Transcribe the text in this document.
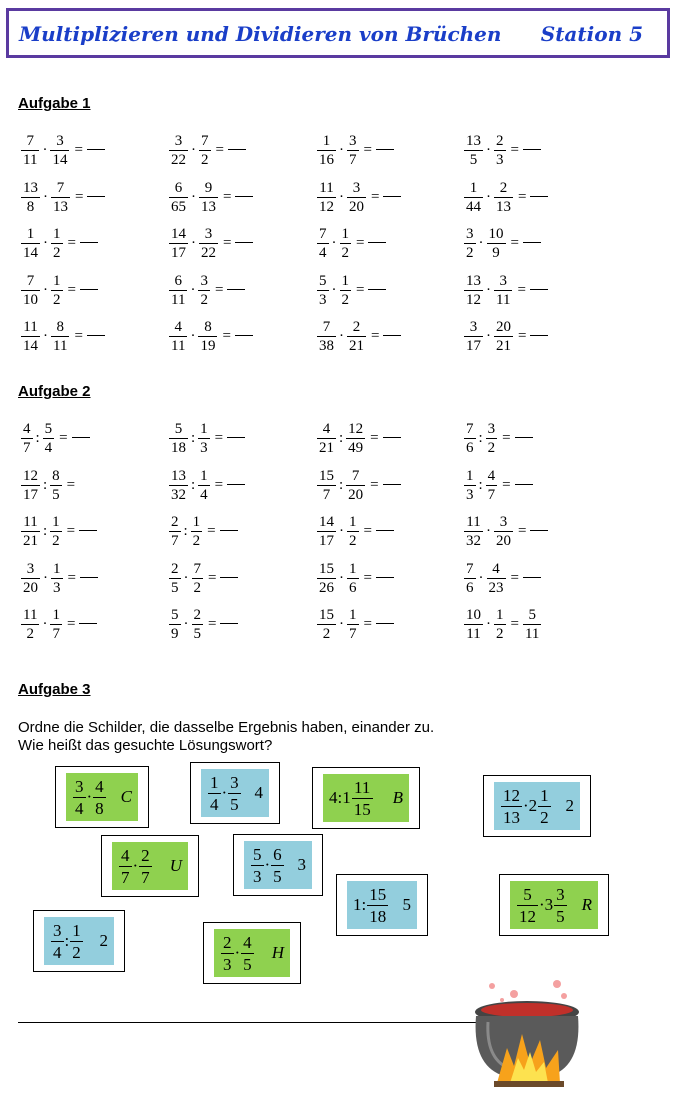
Multiplizieren und Dividieren von Brüchen Station 5
Aufgabe 1
$\frac{7}{11} \cdot \frac{3}{14}$ =	$\frac{3}{22} \cdot \frac{7}{2}$ =	$\frac{1}{16} \cdot \frac{3}{7}$ =	$\frac{13}{5} \cdot \frac{2}{3}$ =
$\frac{13}{8} \cdot \frac{7}{13}$ =	$\frac{6}{65} \cdot \frac{9}{13}$ =	$\frac{11}{12} \cdot \frac{3}{20}$ =	$\frac{1}{44} \cdot \frac{2}{13}$ =
$\frac{1}{14} \cdot \frac{1}{2}$ =	$\frac{14}{17} \cdot \frac{3}{22}$ =	$\frac{7}{4} \cdot \frac{1}{2}$ =	$\frac{3}{2} \cdot \frac{10}{9}$ =
$\frac{7}{10} \cdot \frac{1}{2}$ =	$\frac{6}{11} \cdot \frac{3}{2}$ =	$\frac{5}{3} \cdot \frac{1}{2}$ =	$\frac{13}{12} \cdot \frac{3}{11}$ =
$\frac{11}{14} \cdot \frac{8}{11}$ =	$\frac{4}{11} \cdot \frac{8}{19}$ =	$\frac{7}{38} \cdot \frac{2}{21}$ =	$\frac{3}{17} \cdot \frac{20}{21}$ =
Aufgabe 2
$\frac{4}{7}$ : $\frac{5}{4}$ =	$\frac{5}{18}$ : $\frac{1}{3}$ =	$\frac{4}{21}$ : $\frac{12}{49}$ =	$\frac{7}{6}$ : $\frac{3}{2}$ =
$\frac{12}{17}$ : $\frac{8}{5}$ =	$\frac{13}{32}$ : $\frac{1}{4}$ =	$\frac{15}{7}$ : $\frac{7}{20}$ =	$\frac{1}{3}$ : $\frac{4}{7}$ =
$\frac{11}{21}$ : $\frac{1}{2}$ =	$\frac{2}{7}$ : $\frac{1}{2}$ =	$\frac{14}{17} \cdot \frac{1}{2}$ =	$\frac{11}{32} \cdot \frac{3}{20}$ =
$\frac{3}{20} \cdot \frac{1}{3}$ =	$\frac{2}{5} \cdot \frac{7}{2}$ =	$\frac{15}{26} \cdot \frac{1}{6}$ =	$\frac{7}{6} \cdot \frac{4}{23}$ =
$\frac{11}{2} \cdot \frac{1}{7}$ =	$\frac{5}{9} \cdot \frac{2}{5}$ =	$\frac{15}{2} \cdot \frac{1}{7}$ =	$\frac{10}{11} \cdot \frac{1}{2} = \frac{5}{11}$
Aufgabe 3
Ordne die Schilder, die dasselbe Ergebnis haben, einander zu.
Wie heißt das gesuchte Lösungswort?
$\frac{3}{4} \cdot \frac{4}{8}$ C	$\frac{1}{4} \cdot \frac{3}{5} 4$	4:1 $\frac{11}{15}$ B	$\frac{12}{13} \cdot 2 \frac{1}{2} 2$
$\frac{4}{7} \cdot \frac{2}{7}$ U	$\frac{5}{3} \cdot \frac{6}{5} 3$
1: $\frac{15}{18} 5$	$\frac{5}{12} \cdot 3 \frac{3}{5}$ R
$\frac{3}{4}$ : $\frac{1}{2} 2$	$\frac{2}{3} \cdot \frac{4}{5}$ H
